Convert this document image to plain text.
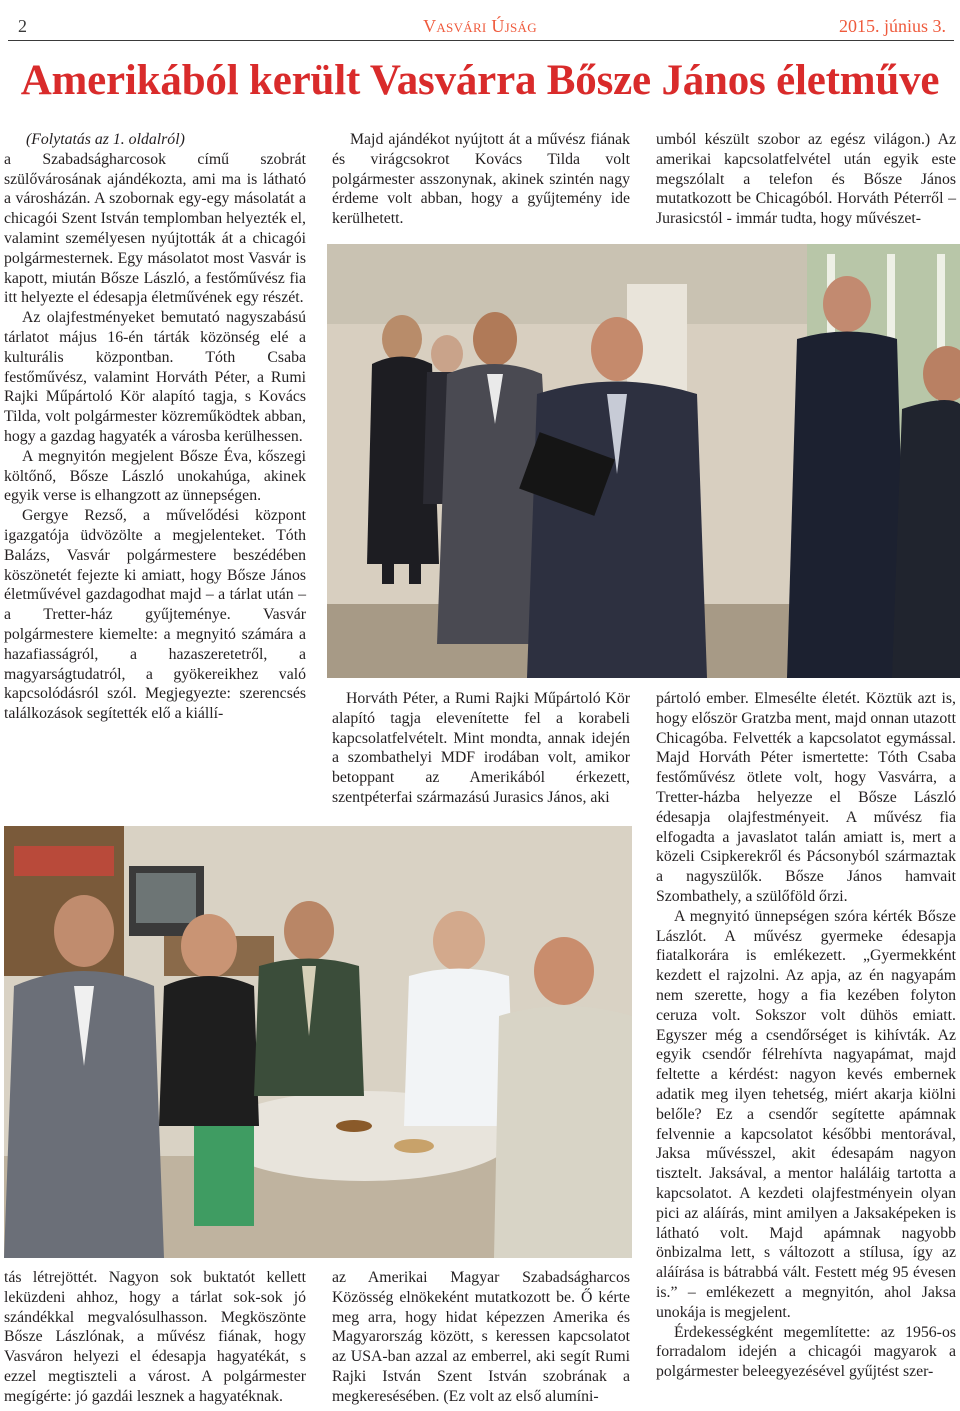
Vasvári Újság
2	2015. június 3.
Amerikából került Vasvárra Bősze János életműve

(Folytatás az 1. oldalról)

a Szabadságharcosok című szobrát szülővárosának ajándékozta, ami ma is látható a városházán. A szobornak egy-egy másolatát a chicagói Szent István templomban helyezték el, valamint személyesen nyújtották át a chicagói polgármesternek. Egy másolatot most Vasvár is kapott, miután Bősze László, a festőművész fia itt helyezte el édesapja életművének egy részét.

Az olajfestményeket bemutató nagyszabású tárlatot május 16-én tárták közönség elé a kulturális központban. Tóth Csaba festőművész, valamint Horváth Péter, a Rumi Rajki Műpártoló Kör alapító tagja, s Kovács Tilda, volt polgármester közreműködtek abban, hogy a gazdag hagyaték a városba kerülhessen.

A megnyitón megjelent Bősze Éva, kőszegi költőnő, Bősze László unokahúga, akinek egyik verse is elhangzott az ünnepségen.

Gergye Rezső, a művelődési központ igazgatója üdvözölte a megjelenteket. Tóth Balázs, Vasvár polgármestere beszédében köszönetét fejezte ki amiatt, hogy Bősze János életművével gazdagodhat majd – a tárlat után – a Tretter-ház gyűjteménye. Vasvár polgármestere kiemelte: a megnyitó számára a hazafiasságról, a hazaszeretetről, a magyarságtudatról, a gyökereikhez való kapcsolódásról szól. Megjegyezte: szerencsés találkozások segítették elő a kiállí-

Majd ajándékot nyújtott át a művész fiának és virágcsokrot Kovács Tilda volt polgármester asszonynak, akinek szintén nagy érdeme volt abban, hogy a gyűjtemény ide kerülhetett.

umból készült szobor az egész világon.) Az amerikai kapcsolatfelvétel után egyik este megszólalt a telefon és Bősze János mutatkozott be Chicagóból. Horváth Péterről – Jurasicstól - immár tudta, hogy művészet-

Horváth Péter, a Rumi Rajki Műpártoló Kör alapító tagja elevenítette fel a korabeli kapcsolatfelvételt. Mint mondta, annak idején a szombathelyi MDF irodában volt, amikor betoppant az Amerikából érkezett, szentpéterfai származású Jurasics János, aki

pártoló ember. Elmesélte életét. Köztük azt is, hogy először Gratzba ment, majd onnan utazott Chicagóba. Felvették a kapcsolatot egymással. Majd Horváth Péter ismertette: Tóth Csaba festőművész ötlete volt, hogy Vasvárra, a Tretter-házba helyezze el Bősze László édesapja olajfestményeit. A művész fia elfogadta a javaslatot talán amiatt is, mert a közeli Csipkerekről és Pácsonyból származtak a nagyszülők. Bősze János hamvait Szombathely, a szülőföld őrzi.

A megnyitó ünnepségen szóra kérték Bősze Lászlót. A művész gyermeke édesapja fiatalkorára is emlékezett. „Gyermekként kezdett el rajzolni. Az apja, az én nagyapám nem szerette, hogy a fia kezében folyton ceruza volt. Sokszor volt dühös emiatt. Egyszer még a csendőrséget is kihívták. Az egyik csendőr félrehívta nagyapámat, majd feltette a kérdést: nagyon kevés embernek adatik meg ilyen tehetség, miért akarja kiölni belőle? Ez a csendőr segítette apámnak felvennie a kapcsolatot későbbi mentorával, Jaksa művésszel, akit édesapám nagyon tisztelt. Jaksával, a mentor haláláig tartotta a kapcsolatot. A kezdeti olajfestményein olyan pici az aláírás, mint amilyen a Jaksaképeken is látható volt. Majd apámnak nagyobb önbizalma lett, s változott a stílusa, így az aláírása is bátrabbá vált. Festett még 95 évesen is.” – emlékezett a megnyitón, ahol Jaksa unokája is megjelent.

Érdekességként megemlítette: az 1956-os forradalom idején a chicagói magyarok a polgármester beleegyezésével gyűjtést szer-

tás létrejöttét. Nagyon sok buktatót kellett leküzdeni ahhoz, hogy a tárlat sok-sok jó szándékkal megvalósulhasson. Megköszönte Bősze Lászlónak, a művész fiának, hogy Vasváron helyezi el édesapja hagyatékát, s ezzel megtiszteli a várost. A polgármester megígérte: jó gazdái lesznek a hagyatéknak.

az Amerikai Magyar Szabadságharcos Közösség elnökeként mutatkozott be. Ő kérte meg arra, hogy hidat képezzen Amerika és Magyarország között, s keressen kapcsolatot az USA-ban azzal az emberrel, aki segít Rumi Rajki István Szent István szobrának a megkeresésében. (Ez volt az első alumíni-
